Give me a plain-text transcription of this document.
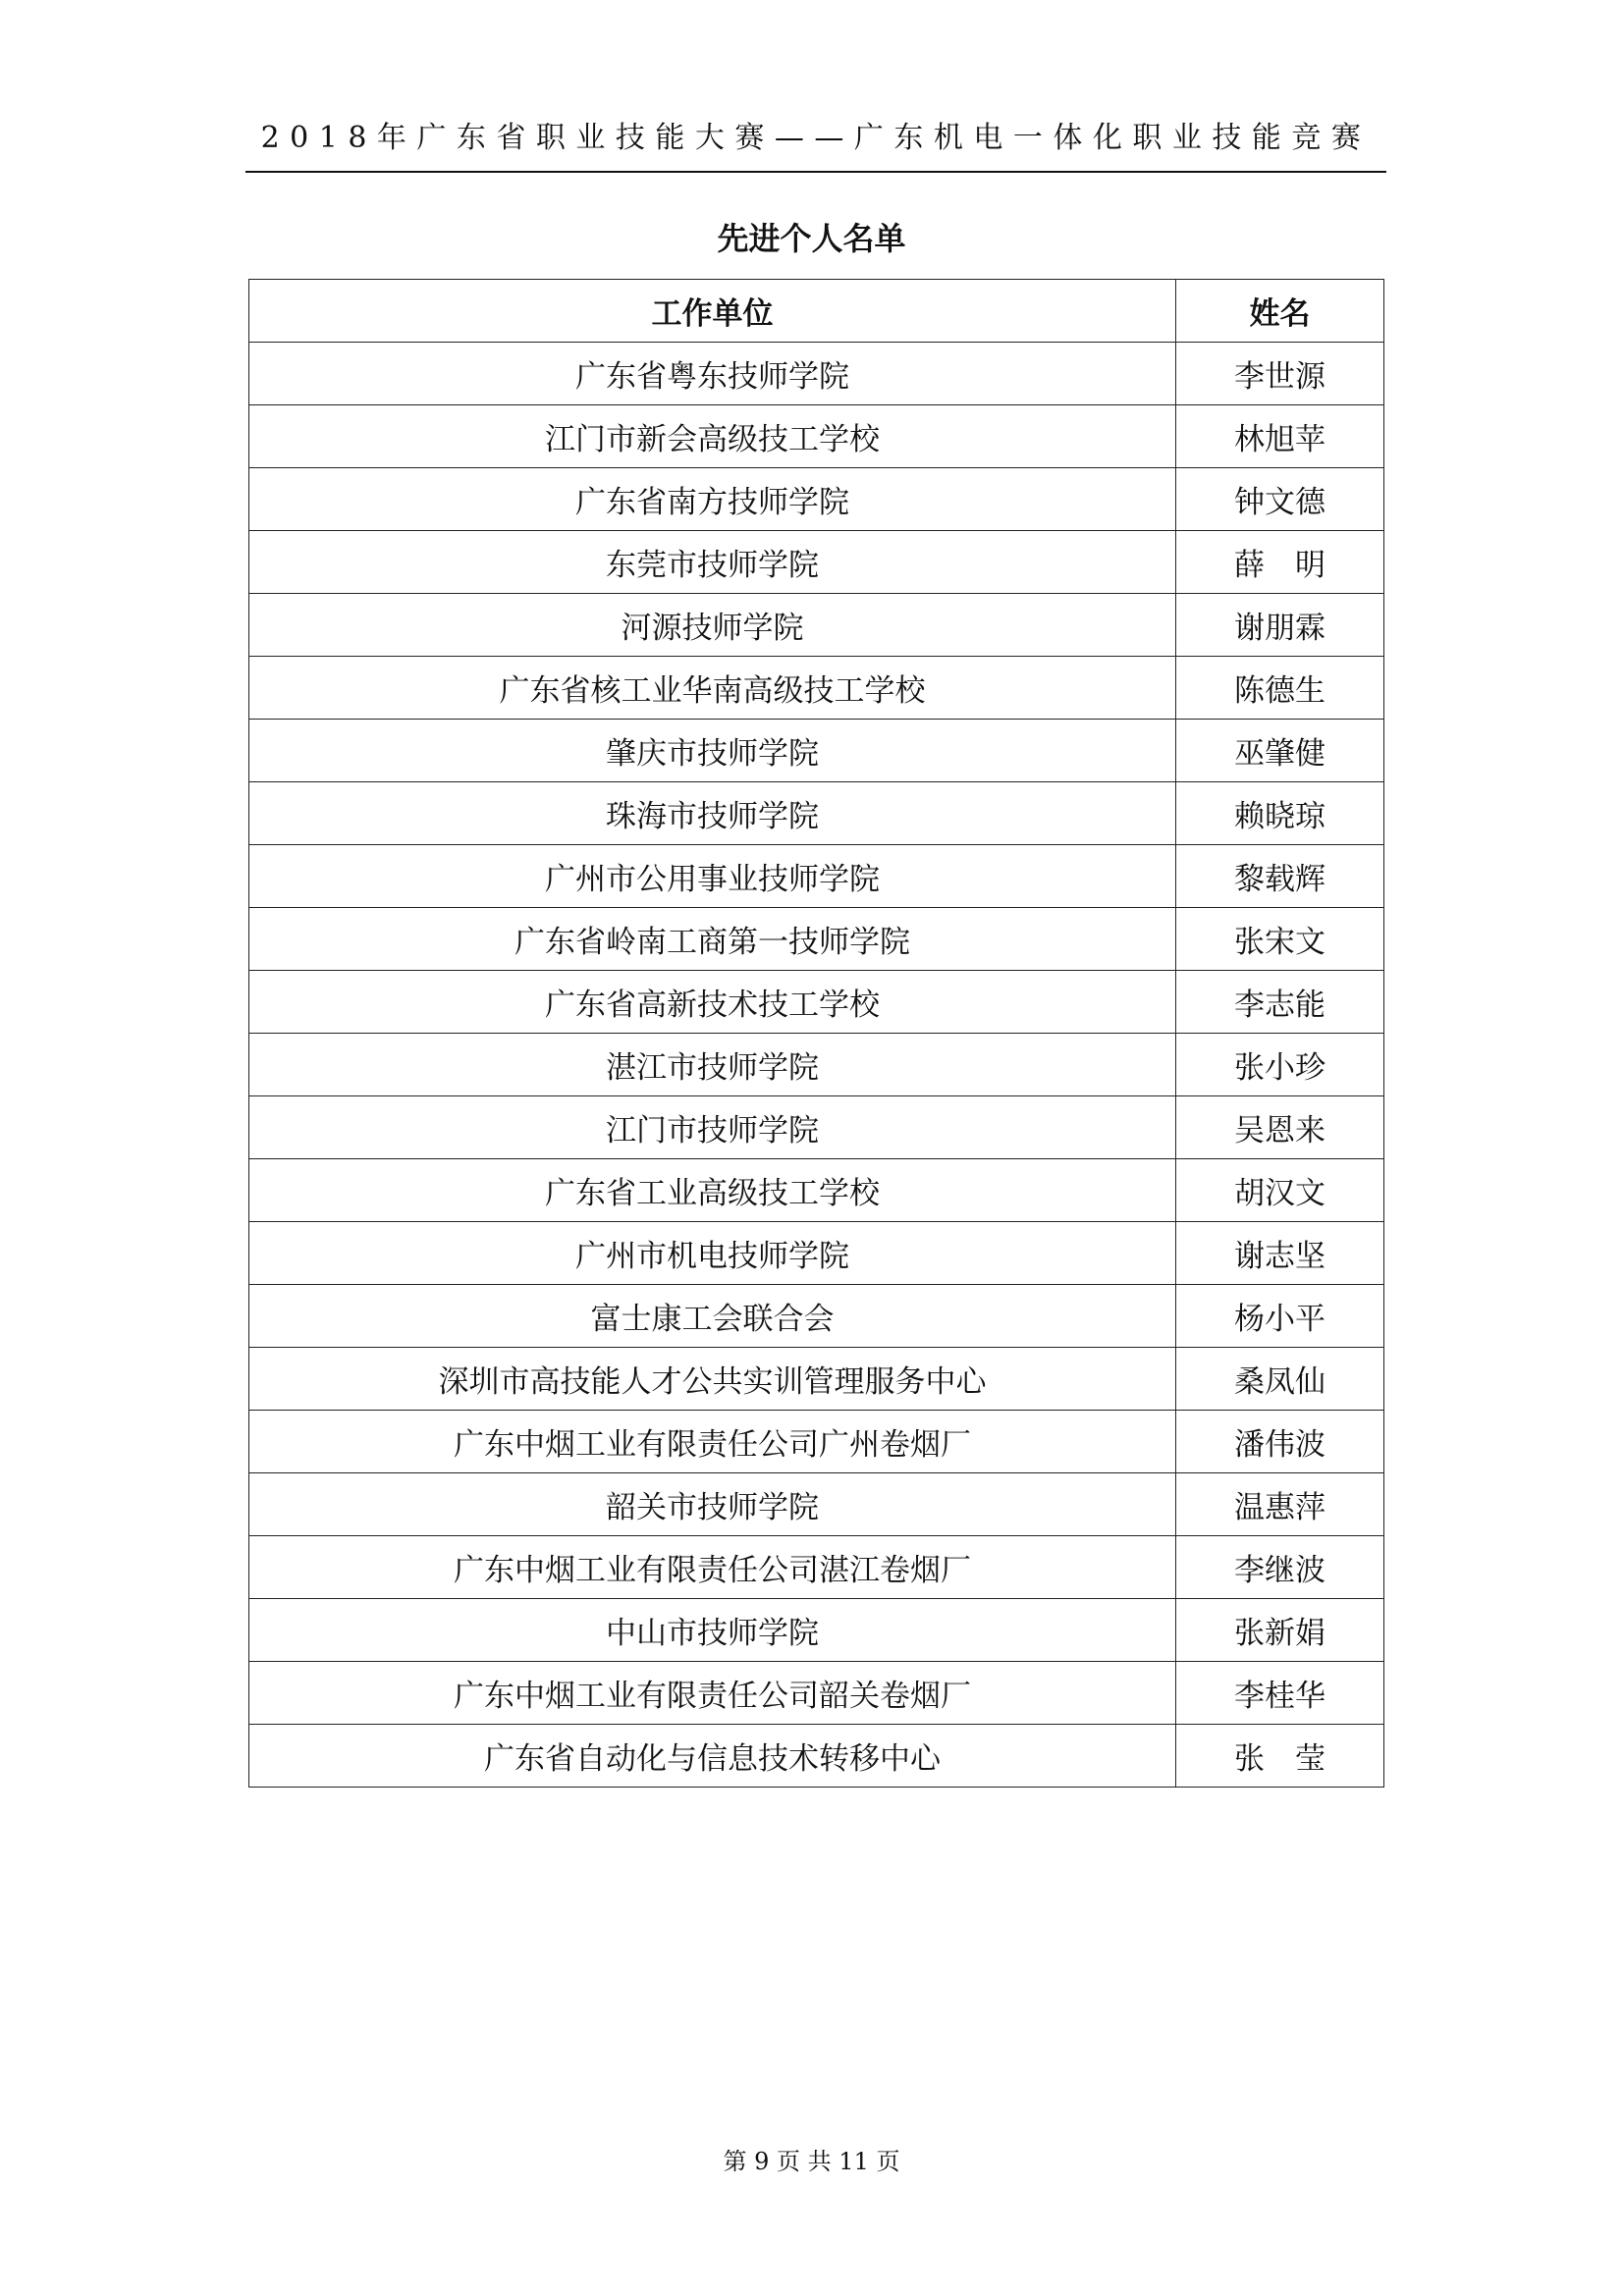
2018年广东省职业技能大赛——广东机电一体化职业技能竞赛
先进个人名单
工作单位	姓名
广东省粤东技师学院	李世源
江门市新会高级技工学校	林旭苹
广东省南方技师学院	钟文德
东莞市技师学院	薛　明
河源技师学院	谢朋霖
广东省核工业华南高级技工学校	陈德生
肇庆市技师学院	巫肇健
珠海市技师学院	赖晓琼
广州市公用事业技师学院	黎载辉
广东省岭南工商第一技师学院	张宋文
广东省高新技术技工学校	李志能
湛江市技师学院	张小珍
江门市技师学院	吴恩来
广东省工业高级技工学校	胡汉文
广州市机电技师学院	谢志坚
富士康工会联合会	杨小平
深圳市高技能人才公共实训管理服务中心	桑凤仙
广东中烟工业有限责任公司广州卷烟厂	潘伟波
韶关市技师学院	温惠萍
广东中烟工业有限责任公司湛江卷烟厂	李继波
中山市技师学院	张新娟
广东中烟工业有限责任公司韶关卷烟厂	李桂华
广东省自动化与信息技术转移中心	张　莹
第 9 页 共 11 页
